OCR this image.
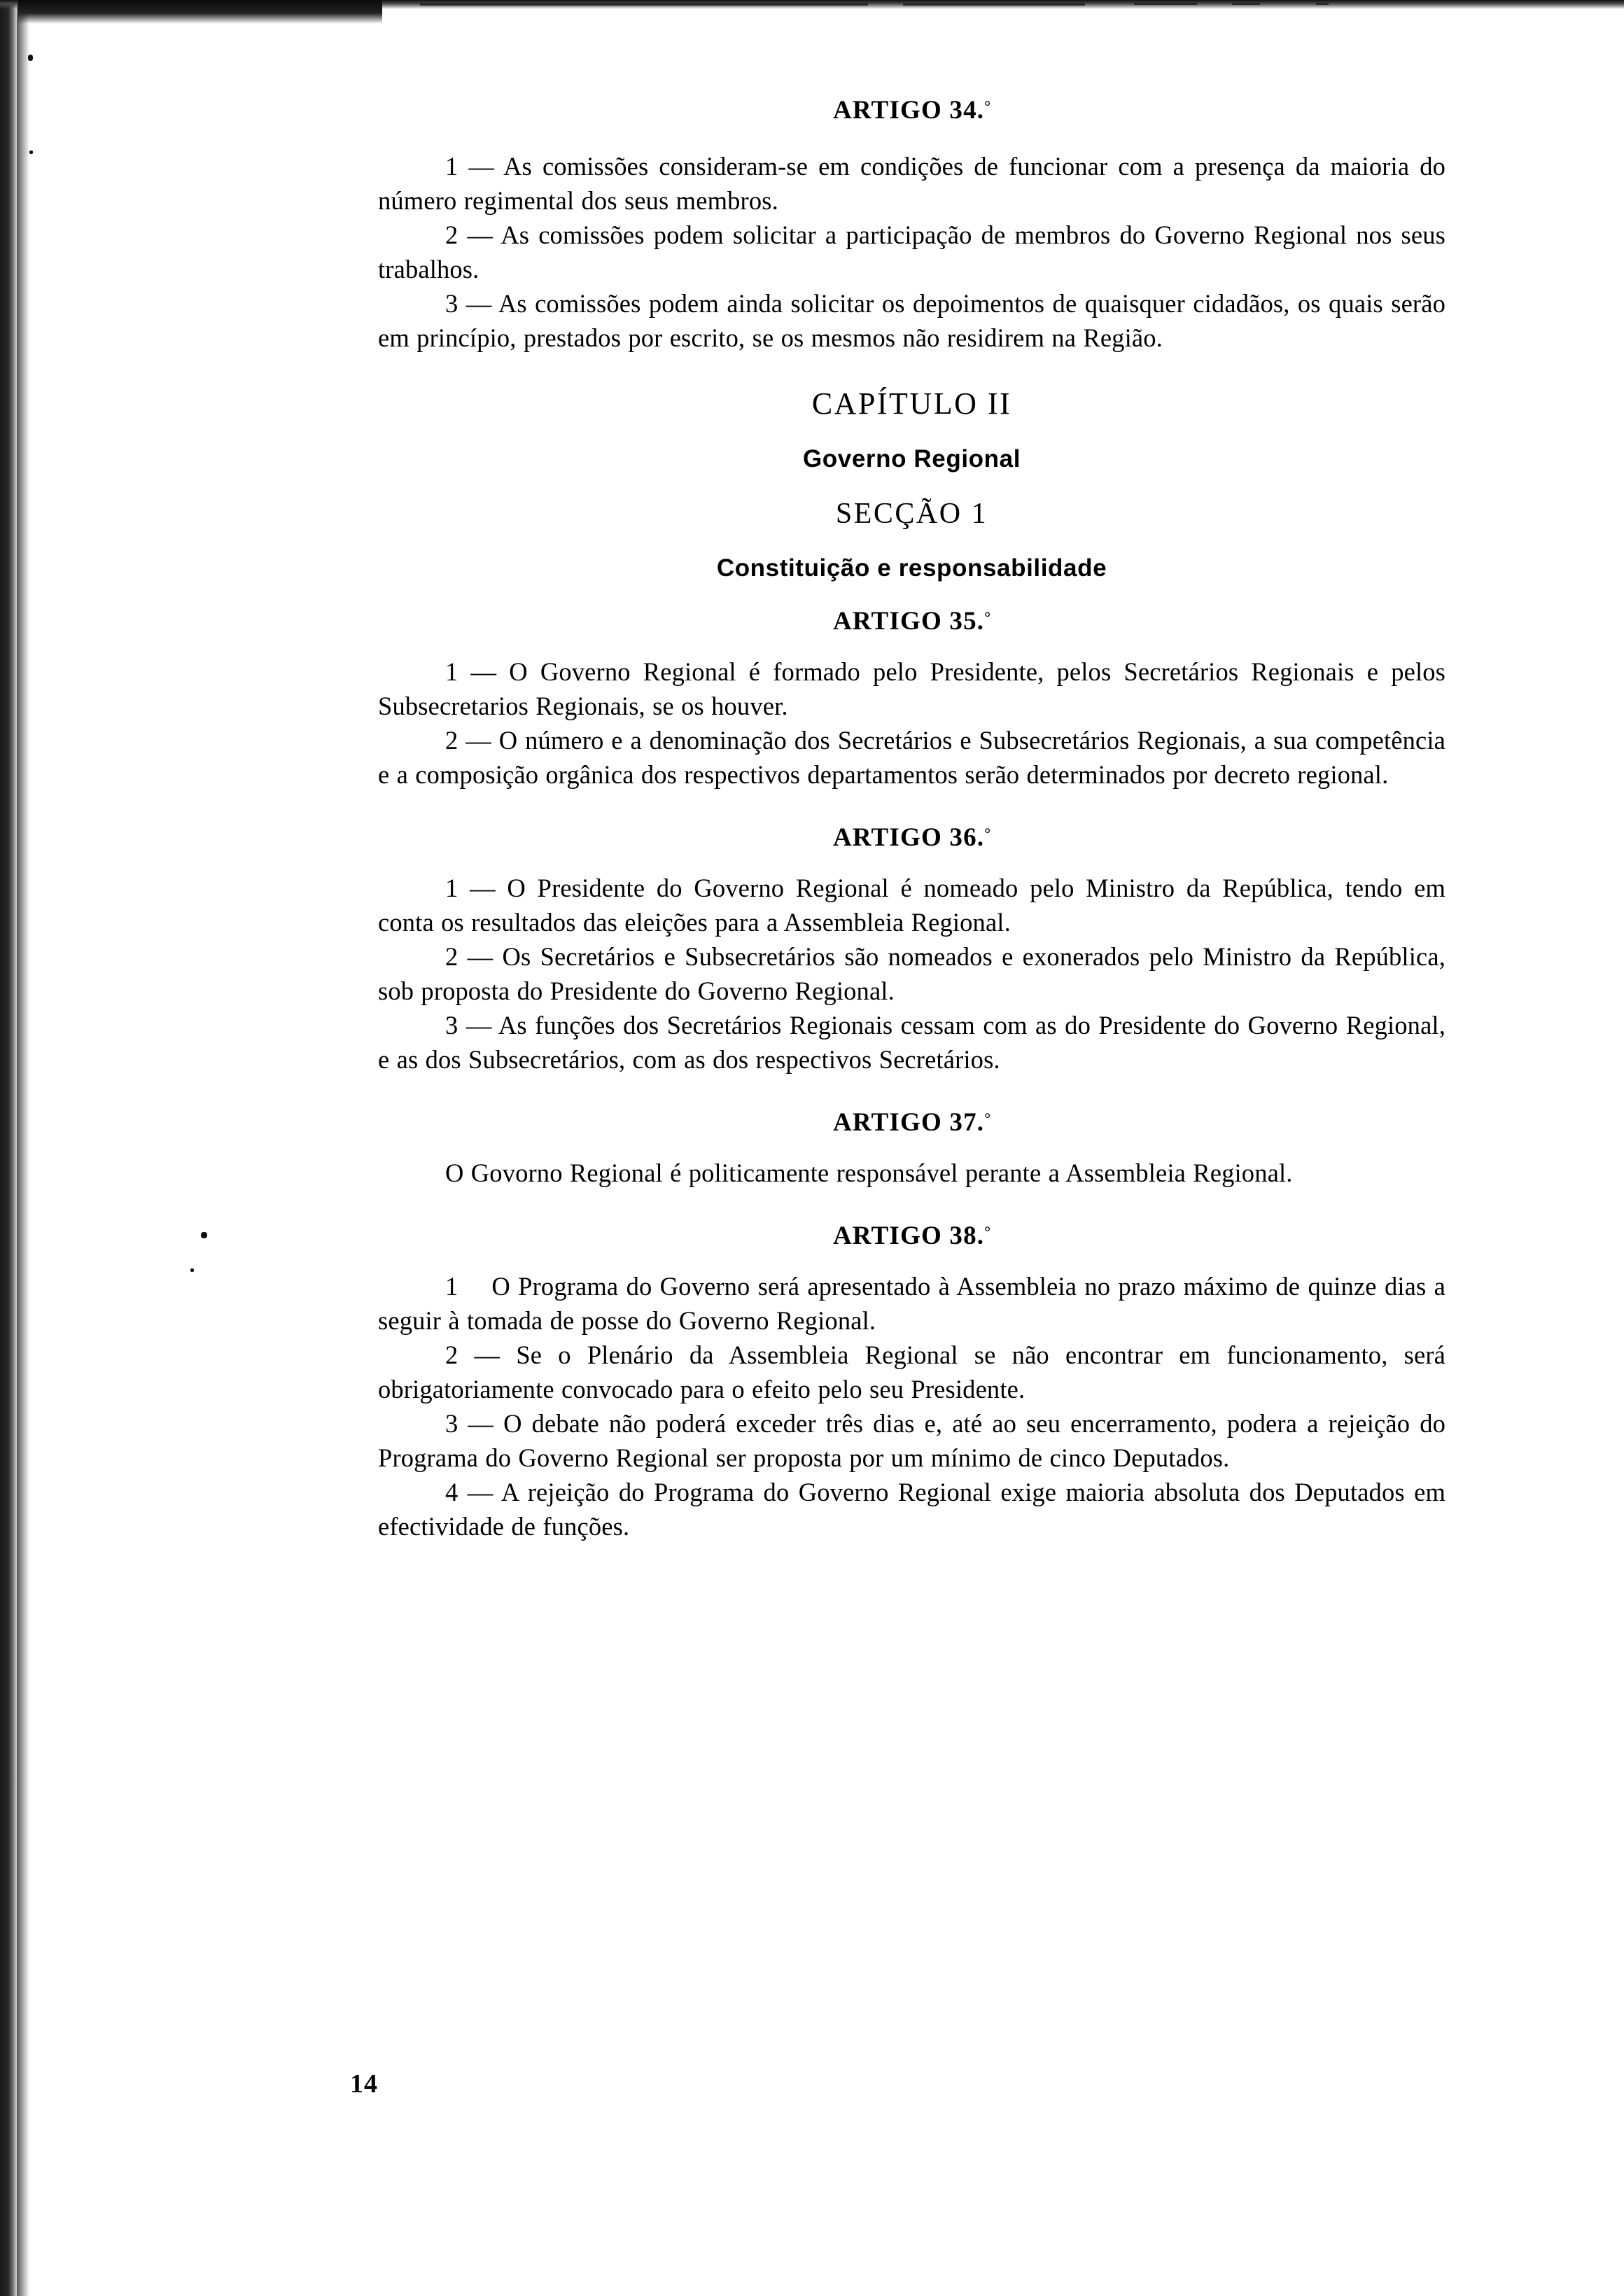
ARTIGO 34.°

1 — As comissões consideram-se em condições de funcionar com a presença da maioria do número regimental dos seus membros.

2 — As comissões podem solicitar a participação de membros do Governo Regional nos seus trabalhos.

3 — As comissões podem ainda solicitar os depoimentos de quaisquer cidadãos, os quais serão em princípio, prestados por escrito, se os mesmos não residirem na Região.

CAPÍTULO II
Governo Regional
SECÇÃO 1
Constituição e responsabilidade
ARTIGO 35.°

1 — O Governo Regional é formado pelo Presidente, pelos Secretários Regionais e pelos Subsecretarios Regionais, se os houver.

2 — O número e a denominação dos Secretários e Subsecretários Regionais, a sua competência e a composição orgânica dos respectivos departamentos serão determinados por decreto regional.

ARTIGO 36.°

1 — O Presidente do Governo Regional é nomeado pelo Ministro da República, tendo em conta os resultados das eleições para a Assembleia Regional.

2 — Os Secretários e Subsecretários são nomeados e exonerados pelo Ministro da República, sob proposta do Presidente do Governo Regional.

3 — As funções dos Secretários Regionais cessam com as do Presidente do Governo Regional, e as dos Subsecretários, com as dos respectivos Secretários.

ARTIGO 37.°

O Govorno Regional é politicamente responsável perante a Assembleia Regional.

ARTIGO 38.°

1  O Programa do Governo será apresentado à Assembleia no prazo máximo de quinze dias a seguir à tomada de posse do Governo Regional.

2 — Se o Plenário da Assembleia Regional se não encontrar em funcionamento, será obrigatoriamente convocado para o efeito pelo seu Presidente.

3 — O debate não poderá exceder três dias e, até ao seu encerramento, podera a rejeição do Programa do Governo Regional ser proposta por um mínimo de cinco Deputados.

4 — A rejeição do Programa do Governo Regional exige maioria absoluta dos Deputados em efectividade de funções.

14
